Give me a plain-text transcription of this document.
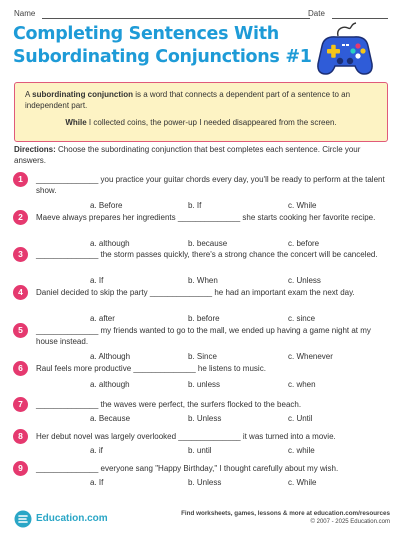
Name	Date
Completing Sentences With
Subordinating Conjunctions #1

A subordinating conjunction is a word that connects a dependent part of a sentence to an independent part.

While I collected coins, the power-up I needed disappeared from the screen.

Directions: Choose the subordinating conjunction that best completes each sentence. Circle your answers.
1	______________ you practice your guitar chords every day, you'll be ready to perform at the talent show.
a. Before	b. If	c. While
2	Maeve always prepares her ingredients ______________ she starts cooking her favorite recipe.
a. although	b. because	c. before
3	______________ the storm passes quickly, there's a strong chance the concert will be canceled.
a. If	b. When	c. Unless
4	Daniel decided to skip the party ______________ he had an important exam the next day.
a. after	b. before	c. since
5	______________ my friends wanted to go to the mall, we ended up having a game night at my house instead.
a. Although	b. Since	c. Whenever
6	Raul feels more productive ______________ he listens to music.
a. although	b. unless	c. when
7	______________ the waves were perfect, the surfers flocked to the beach.
a. Because	b. Unless	c. Until
8	Her debut novel was largely overlooked ______________ it was turned into a movie.
a. if	b. until	c. while
9	______________ everyone sang "Happy Birthday," I thought carefully about my wish.
a. If	b. Unless	c. While
Education.com	Find worksheets, games, lessons & more at education.com/resources
© 2007 - 2025 Education.com
